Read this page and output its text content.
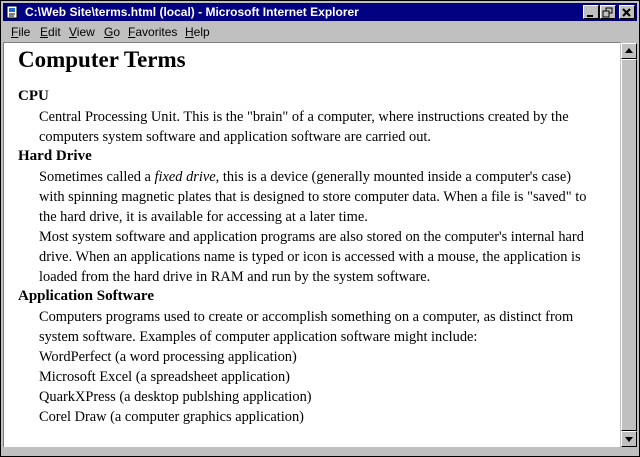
C:\Web Site\terms.html (local) - Microsoft Internet Explorer
File Edit View Go Favorites Help
Computer Terms
CPU
Central Processing Unit. This is the "brain" of a computer, where instructions created by the
computers system software and application software are carried out.
Hard Drive
Sometimes called a fixed drive, this is a device (generally mounted inside a computer's case)
with spinning magnetic plates that is designed to store computer data. When a file is "saved" to
the hard drive, it is available for accessing at a later time.
Most system software and application programs are also stored on the computer's internal hard
drive. When an applications name is typed or icon is accessed with a mouse, the application is
loaded from the hard drive in RAM and run by the system software.
Application Software
Computers programs used to create or accomplish something on a computer, as distinct from
system software. Examples of computer application software might include:
WordPerfect (a word processing application)
Microsoft Excel (a spreadsheet application)
QuarkXPress (a desktop publshing application)
Corel Draw (a computer graphics application)
